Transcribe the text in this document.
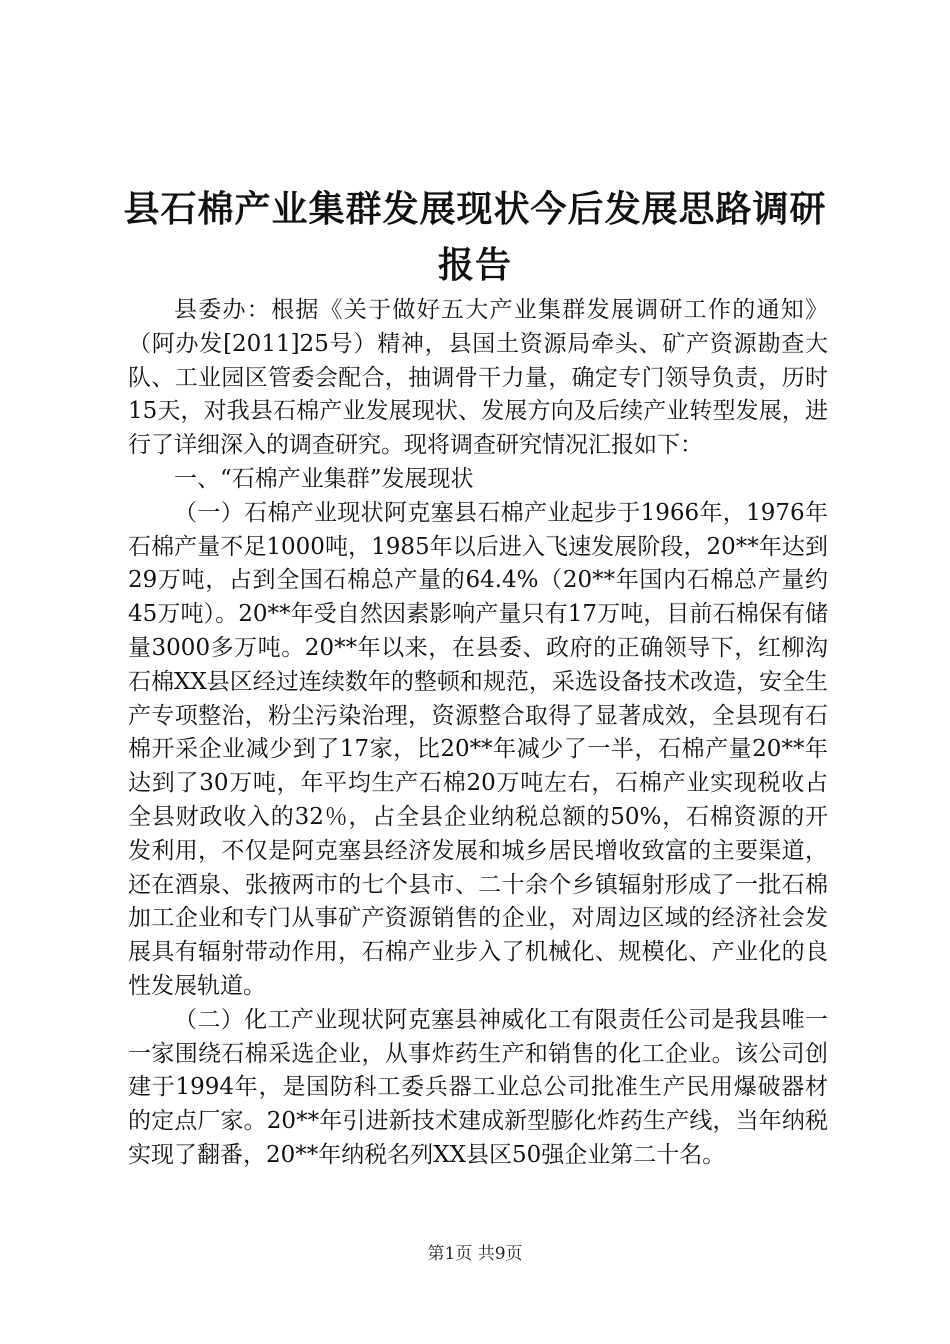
县石棉产业集群发展现状今后发展思路调研报告

县委办：根据《关于做好五大产业集群发展调研工作的通知》（阿办发[2011]25号）精神，县国土资源局牵头、矿产资源勘查大队、工业园区管委会配合，抽调骨干力量，确定专门领导负责，历时15天，对我县石棉产业发展现状、发展方向及后续产业转型发展，进行了详细深入的调查研究。现将调查研究情况汇报如下：

一、“石棉产业集群”发展现状

（一）石棉产业现状阿克塞县石棉产业起步于1966年，1976年石棉产量不足1000吨，1985年以后进入飞速发展阶段，20**年达到29万吨，占到全国石棉总产量的64.4%（20**年国内石棉总产量约45万吨）。20**年受自然因素影响产量只有17万吨，目前石棉保有储量3000多万吨。20**年以来，在县委、政府的正确领导下，红柳沟石棉XX县区经过连续数年的整顿和规范，采选设备技术改造，安全生产专项整治，粉尘污染治理，资源整合取得了显著成效，全县现有石棉开采企业减少到了17家，比20**年减少了一半，石棉产量20**年达到了30万吨，年平均生产石棉20万吨左右，石棉产业实现税收占全县财政收入的32％，占全县企业纳税总额的50%，石棉资源的开发利用，不仅是阿克塞县经济发展和城乡居民增收致富的主要渠道，还在酒泉、张掖两市的七个县市、二十余个乡镇辐射形成了一批石棉加工企业和专门从事矿产资源销售的企业，对周边区域的经济社会发展具有辐射带动作用，石棉产业步入了机械化、规模化、产业化的良性发展轨道。

（二）化工产业现状阿克塞县神威化工有限责任公司是我县唯一一家围绕石棉采选企业，从事炸药生产和销售的化工企业。该公司创建于1994年，是国防科工委兵器工业总公司批准生产民用爆破器材的定点厂家。20**年引进新技术建成新型膨化炸药生产线，当年纳税实现了翻番，20**年纳税名列XX县区50强企业第二十名。

第1页 共9页
